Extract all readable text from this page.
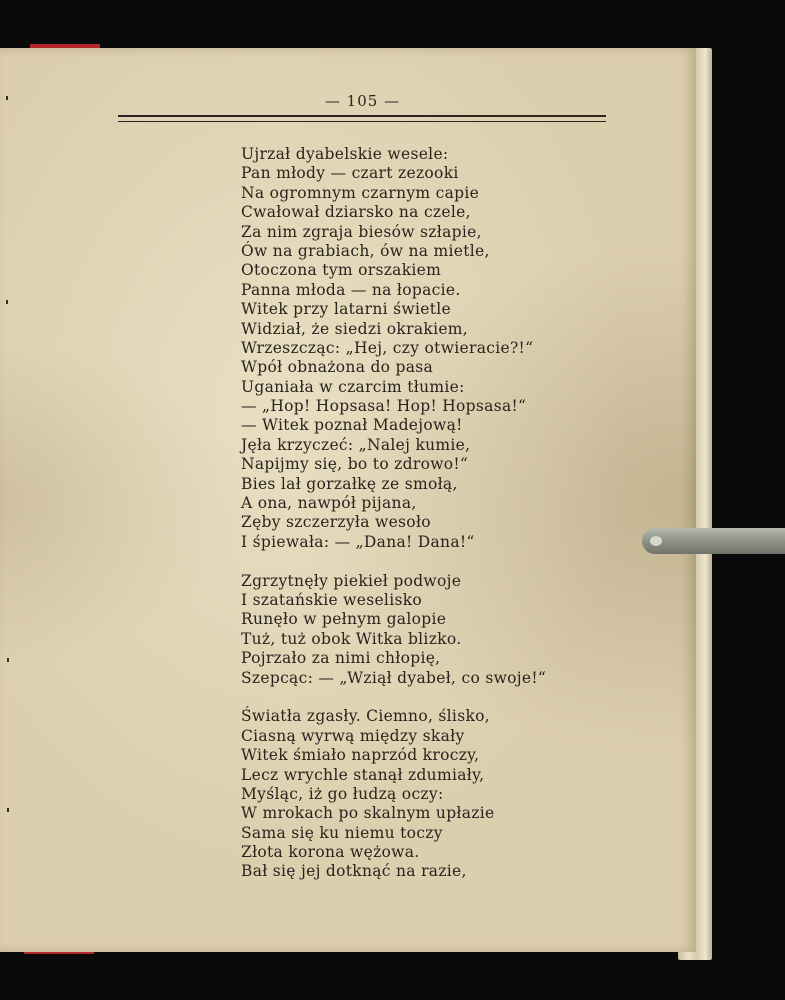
— 105 —
Ujrzał dyabelskie wesele:
Pan młody — czart zezooki
Na ogromnym czarnym capie
Cwałował dziarsko na czele,
Za nim zgraja biesów szłapie,
Ów na grabiach, ów na mietle,
Otoczona tym orszakiem
Panna młoda — na łopacie.
Witek przy latarni świetle
Widział, że siedzi okrakiem,
Wrzeszcząc: „Hej, czy otwieracie?!“
Wpół obnażona do pasa
Uganiała w czarcim tłumie:
— „Hop! Hopsasa! Hop! Hopsasa!“
— Witek poznał Madejową!
Jęła krzyczeć: „Nalej kumie,
Napijmy się, bo to zdrowo!“
Bies lał gorzałkę ze smołą,
A ona, nawpół pijana,
Zęby szczerzyła wesoło
I śpiewała: — „Dana! Dana!“
Zgrzytnęły piekieł podwoje
I szatańskie weselisko
Runęło w pełnym galopie
Tuż, tuż obok Witka blizko.
Pojrzało za nimi chłopię,
Szepcąc: — „Wziął dyabeł, co swoje!“
Światła zgasły. Ciemno, ślisko,
Ciasną wyrwą między skały
Witek śmiało naprzód kroczy,
Lecz wrychle stanął zdumiały,
Myśląc, iż go łudzą oczy:
W mrokach po skalnym upłazie
Sama się ku niemu toczy
Złota korona wężowa.
Bał się jej dotknąć na razie,
